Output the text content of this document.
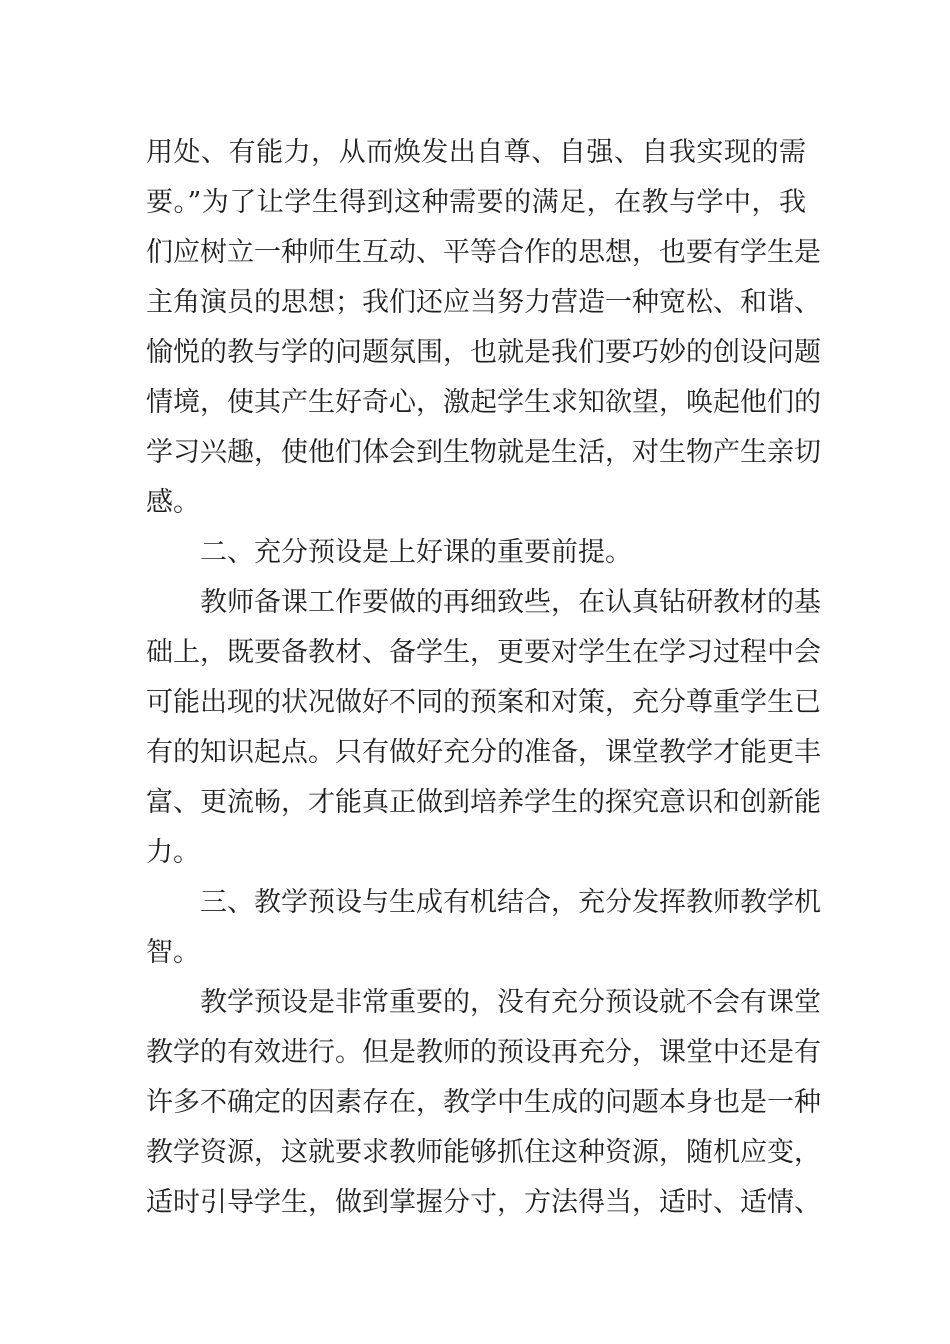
用处、有能力，从而焕发出自尊、自强、自我实现的需
要。”为了让学生得到这种需要的满足，在教与学中，我
们应树立一种师生互动、平等合作的思想，也要有学生是
主角演员的思想；我们还应当努力营造一种宽松、和谐、
愉悦的教与学的问题氛围，也就是我们要巧妙的创设问题
情境，使其产生好奇心，激起学生求知欲望，唤起他们的
学习兴趣，使他们体会到生物就是生活，对生物产生亲切
感。
二、充分预设是上好课的重要前提。
教师备课工作要做的再细致些，在认真钻研教材的基
础上，既要备教材、备学生，更要对学生在学习过程中会
可能出现的状况做好不同的预案和对策，充分尊重学生已
有的知识起点。只有做好充分的准备，课堂教学才能更丰
富、更流畅，才能真正做到培养学生的探究意识和创新能
力。
三、教学预设与生成有机结合，充分发挥教师教学机
智。
教学预设是非常重要的，没有充分预设就不会有课堂
教学的有效进行。但是教师的预设再充分，课堂中还是有
许多不确定的因素存在，教学中生成的问题本身也是一种
教学资源，这就要求教师能够抓住这种资源，随机应变，
适时引导学生，做到掌握分寸，方法得当，适时、适情、
